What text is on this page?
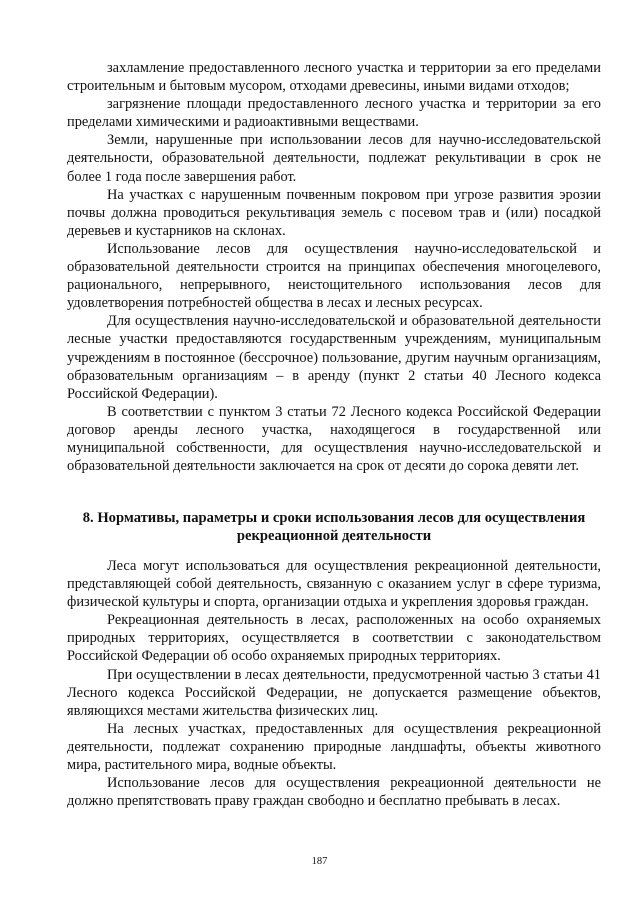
захламление предоставленного лесного участка и территории за его пределами строительным и бытовым мусором, отходами древесины, иными видами отходов;

загрязнение площади предоставленного лесного участка и территории за его пределами химическими и радиоактивными веществами.

Земли, нарушенные при использовании лесов для научно-исследовательской деятельности, образовательной деятельности, подлежат рекультивации в срок не более 1 года после завершения работ.

На участках с нарушенным почвенным покровом при угрозе развития эрозии почвы должна проводиться рекультивация земель с посевом трав и (или) посадкой деревьев и кустарников на склонах.

Использование лесов для осуществления научно-исследовательской и образовательной деятельности строится на принципах обеспечения многоцелевого, рационального, непрерывного, неистощительного использования лесов для удовлетворения потребностей общества в лесах и лесных ресурсах.

Для осуществления научно-исследовательской и образовательной деятельности лесные участки предоставляются государственным учреждениям, муниципальным учреждениям в постоянное (бессрочное) пользование, другим научным организациям, образовательным организациям – в аренду (пункт 2 статьи 40 Лесного кодекса Российской Федерации).

В соответствии с пунктом 3 статьи 72 Лесного кодекса Российской Федерации договор аренды лесного участка, находящегося в государственной или муниципальной собственности, для осуществления научно-исследовательской и образовательной деятельности заключается на срок от десяти до сорока девяти лет.

8. Нормативы, параметры и сроки использования лесов для осуществления
рекреационной деятельности

Леса могут использоваться для осуществления рекреационной деятельности, представляющей собой деятельность, связанную с оказанием услуг в сфере туризма, физической культуры и спорта, организации отдыха и укрепления здоровья граждан.

Рекреационная деятельность в лесах, расположенных на особо охраняемых природных территориях, осуществляется в соответствии с законодательством Российской Федерации об особо охраняемых природных территориях.

При осуществлении в лесах деятельности, предусмотренной частью 3 статьи 41 Лесного кодекса Российской Федерации, не допускается размещение объектов, являющихся местами жительства физических лиц.

На лесных участках, предоставленных для осуществления рекреационной деятельности, подлежат сохранению природные ландшафты, объекты животного мира, растительного мира, водные объекты.

Использование лесов для осуществления рекреационной деятельности не должно препятствовать праву граждан свободно и бесплатно пребывать в лесах.

187
